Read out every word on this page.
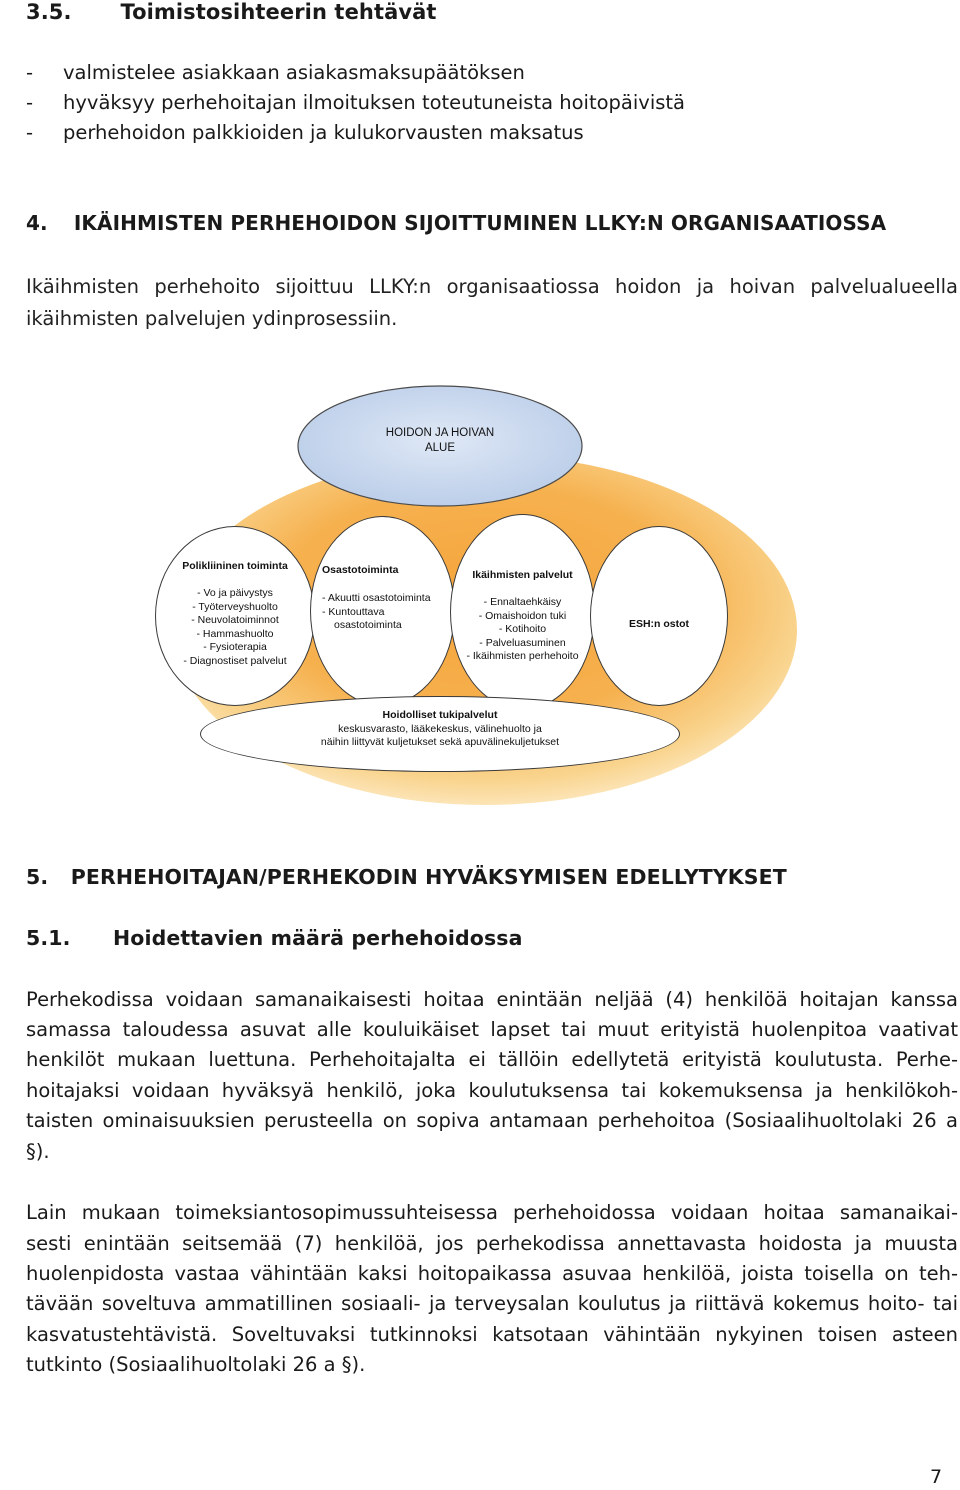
3.5. Toimistosihteerin tehtävät
- valmistelee asiakkaan asiakasmaksupäätöksen
- hyväksyy perhehoitajan ilmoituksen toteutuneista hoitopäivistä
- perhehoidon palkkioiden ja kulukorvausten maksatus
4. IKÄIHMISTEN PERHEHOIDON SIJOITTUMINEN LLKY:N ORGANISAATIOSSA
Ikäihmisten perhehoito sijoittuu LLKY:n organisaatiossa hoidon ja hoivan palvelualueella
ikäihmisten palvelujen ydinprosessiin.
HOIDON JA HOIVAN
ALUE
Polikliininen toiminta
- Vo ja päivystys
- Työterveyshuolto
- Neuvolatoiminnot
- Hammashuolto
- Fysioterapia
- Diagnostiset palvelut
Osastotoiminta
- Akuutti osastotoiminta
- Kuntouttava
osastotoiminta
Ikäihmisten palvelut
- Ennaltaehkäisy
- Omaishoidon tuki
- Kotihoito
- Palveluasuminen
- Ikäihmisten perhehoito
ESH:n ostot
Hoidolliset tukipalvelut
keskusvarasto, lääkekeskus, välinehuolto ja
näihin liittyvät kuljetukset sekä apuvälinekuljetukset
5. PERHEHOITAJAN/PERHEKODIN HYVÄKSYMISEN EDELLYTYKSET
5.1. Hoidettavien määrä perhehoidossa
Perhekodissa voidaan samanaikaisesti hoitaa enintään neljää (4) henkilöä hoitajan kanssa
samassa taloudessa asuvat alle kouluikäiset lapset tai muut erityistä huolenpitoa vaativat
henkilöt mukaan luettuna. Perhehoitajalta ei tällöin edellytetä erityistä koulutusta. Perhe-
hoitajaksi voidaan hyväksyä henkilö, joka koulutuksensa tai kokemuksensa ja henkilökoh-
taisten ominaisuuksien perusteella on sopiva antamaan perhehoitoa (Sosiaalihuoltolaki 26 a
§).
Lain mukaan toimeksiantosopimussuhteisessa perhehoidossa voidaan hoitaa samanaikai-
sesti enintään seitsemää (7) henkilöä, jos perhekodissa annettavasta hoidosta ja muusta
huolenpidosta vastaa vähintään kaksi hoitopaikassa asuvaa henkilöä, joista toisella on teh-
tävään soveltuva ammatillinen sosiaali- ja terveysalan koulutus ja riittävä kokemus hoito- tai
kasvatustehtävistä. Soveltuvaksi tutkinnoksi katsotaan vähintään nykyinen toisen asteen
tutkinto (Sosiaalihuoltolaki 26 a §).
7
